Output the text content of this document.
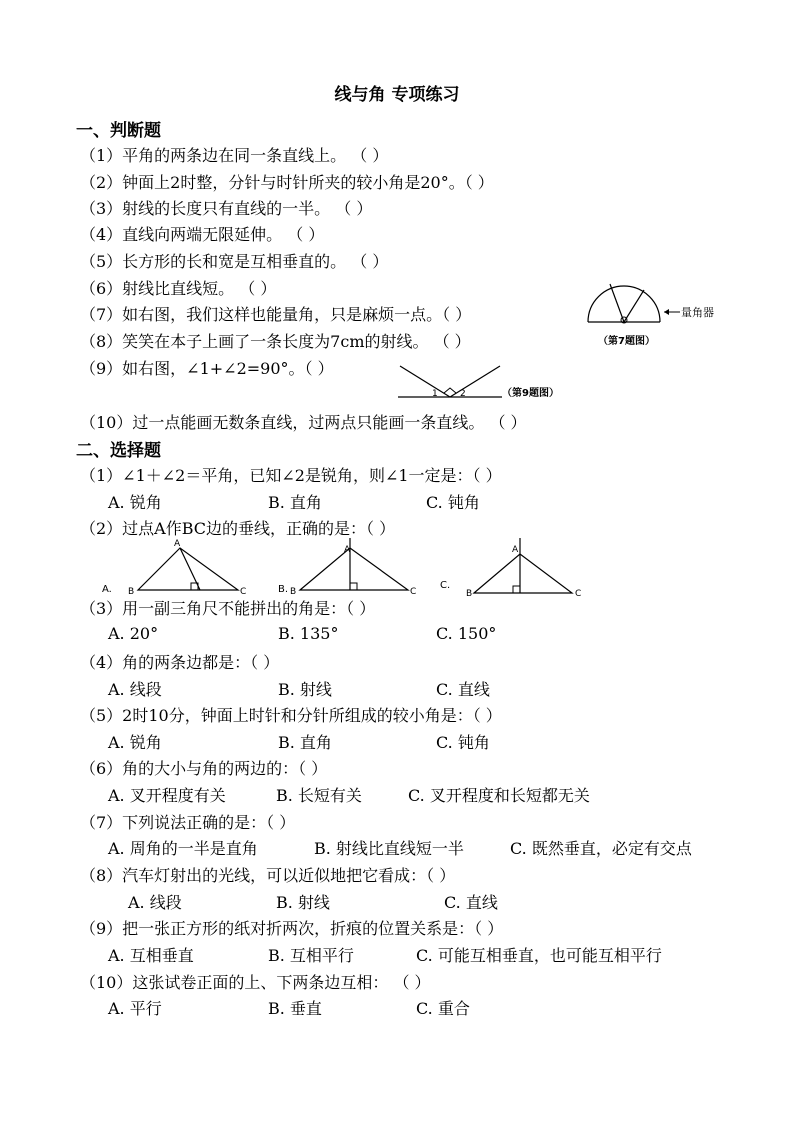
线与角 专项练习
一、判断题
（1）平角的两条边在同一条直线上。 （ ）
（2）钟面上2时整，分针与时针所夹的较小角是20°。（ ）
（3）射线的长度只有直线的一半。 （ ）
（4）直线向两端无限延伸。 （ ）
（5）长方形的长和宽是互相垂直的。 （ ）
（6）射线比直线短。 （ ）
（7）如右图，我们这样也能量角，只是麻烦一点。（ ）
（8）笑笑在本子上画了一条长度为7cm的射线。 （ ）
（9）如右图，∠1+∠2=90°。（ ）
（10）过一点能画无数条直线，过两点只能画一条直线。 （ ）
量角器
（第7题图）
1 2	（第9题图）
二、选择题
（1）∠1＋∠2＝平角，已知∠2是锐角，则∠1一定是：（ ）
A. 锐角	B. 直角	C. 钝角
（2）过点A作BC边的垂线，正确的是：（ ）
A.
A
B	C	B.
A
B	C
C.
A
B	C
（3）用一副三角尺不能拼出的角是：（ ）
A. 20°	B. 135°	C. 150°
（4）角的两条边都是：（ ）
A. 线段	B. 射线	C. 直线
（5）2时10分，钟面上时针和分针所组成的较小角是：（ ）
A. 锐角	B. 直角	C. 钝角
（6）角的大小与角的两边的：（ ）
A. 叉开程度有关	B. 长短有关	C. 叉开程度和长短都无关
（7）下列说法正确的是：（ ）
A. 周角的一半是直角	B. 射线比直线短一半	C. 既然垂直，必定有交点
（8）汽车灯射出的光线，可以近似地把它看成：（ ）
A. 线段	B. 射线	C. 直线
（9）把一张正方形的纸对折两次，折痕的位置关系是：（ ）
A. 互相垂直	B. 互相平行	C. 可能互相垂直，也可能互相平行
（10）这张试卷正面的上、下两条边互相： （ ）
A. 平行	B. 垂直	C. 重合
